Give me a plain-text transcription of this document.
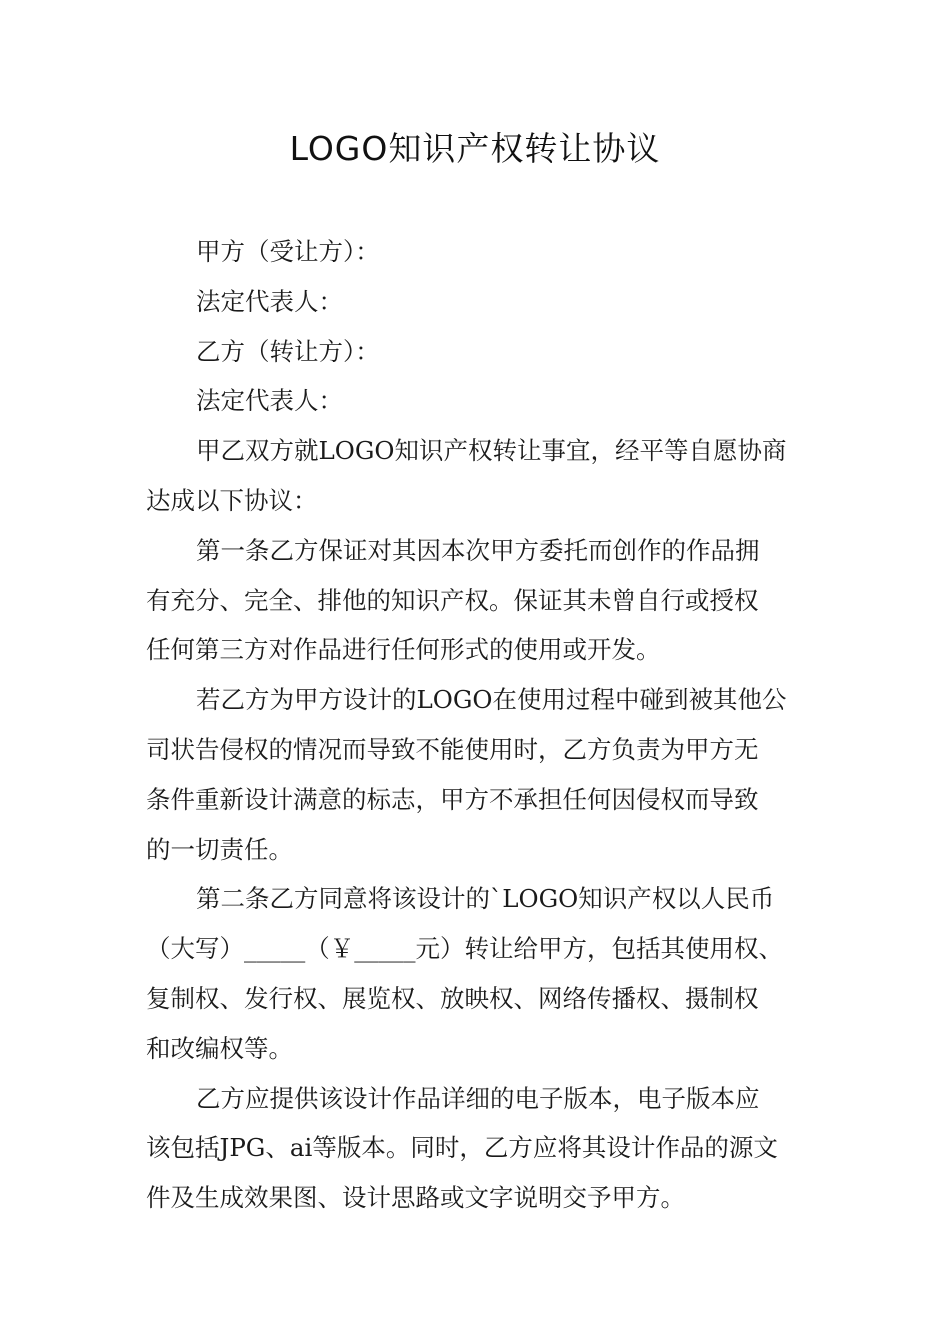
LOGO知识产权转让协议
甲方（受让方）：
法定代表人：
乙方（转让方）：
法定代表人：
甲乙双方就LOGO知识产权转让事宜，经平等自愿协商
达成以下协议：
第一条乙方保证对其因本次甲方委托而创作的作品拥
有充分、完全、排他的知识产权。保证其未曾自行或授权
任何第三方对作品进行任何形式的使用或开发。
若乙方为甲方设计的LOGO在使用过程中碰到被其他公
司状告侵权的情况而导致不能使用时，乙方负责为甲方无
条件重新设计满意的标志，甲方不承担任何因侵权而导致
的一切责任。
第二条乙方同意将该设计的`LOGO知识产权以人民币
（大写）_____（￥_____元）转让给甲方，包括其使用权、
复制权、发行权、展览权、放映权、网络传播权、摄制权
和改编权等。
乙方应提供该设计作品详细的电子版本，电子版本应
该包括JPG、ai等版本。同时，乙方应将其设计作品的源文
件及生成效果图、设计思路或文字说明交予甲方。
